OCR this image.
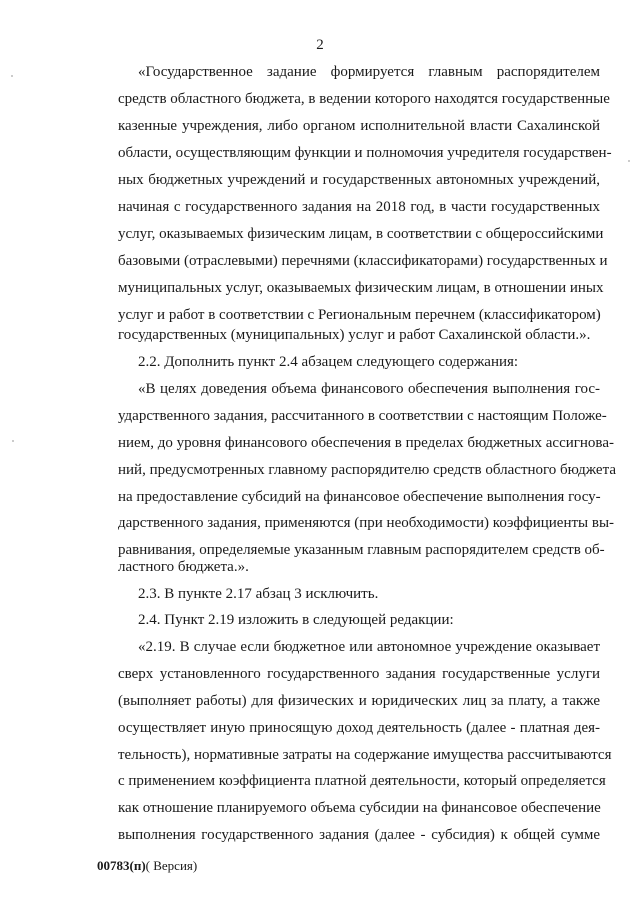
2
«Государственное задание формируется главным распорядителем
средств областного бюджета, в ведении которого находятся государственные
казенные учреждения, либо органом исполнительной власти Сахалинской
области, осуществляющим функции и полномочия учредителя государствен-
ных бюджетных учреждений и государственных автономных учреждений,
начиная с государственного задания на 2018 год, в части государственных
услуг, оказываемых физическим лицам, в соответствии с общероссийскими
базовыми (отраслевыми) перечнями (классификаторами) государственных и
муниципальных услуг, оказываемых физическим лицам, в отношении иных
услуг и работ в соответствии с Региональным перечнем (классификатором)
государственных (муниципальных) услуг и работ Сахалинской области.».
2.2. Дополнить пункт 2.4 абзацем следующего содержания:
«В целях доведения объема финансового обеспечения выполнения гос-
ударственного задания, рассчитанного в соответствии с настоящим Положе-
нием, до уровня финансового обеспечения в пределах бюджетных ассигнова-
ний, предусмотренных главному распорядителю средств областного бюджета
на предоставление субсидий на финансовое обеспечение выполнения госу-
дарственного задания, применяются (при необходимости) коэффициенты вы-
равнивания, определяемые указанным главным распорядителем средств об-
ластного бюджета.».
2.3. В пункте 2.17 абзац 3 исключить.
2.4. Пункт 2.19 изложить в следующей редакции:
«2.19. В случае если бюджетное или автономное учреждение оказывает
сверх установленного государственного задания государственные услуги
(выполняет работы) для физических и юридических лиц за плату, а также
осуществляет иную приносящую доход деятельность (далее - платная дея-
тельность), нормативные затраты на содержание имущества рассчитываются
с применением коэффициента платной деятельности, который определяется
как отношение планируемого объема субсидии на финансовое обеспечение
выполнения государственного задания (далее - субсидия) к общей сумме
00783(п)( Версия)
